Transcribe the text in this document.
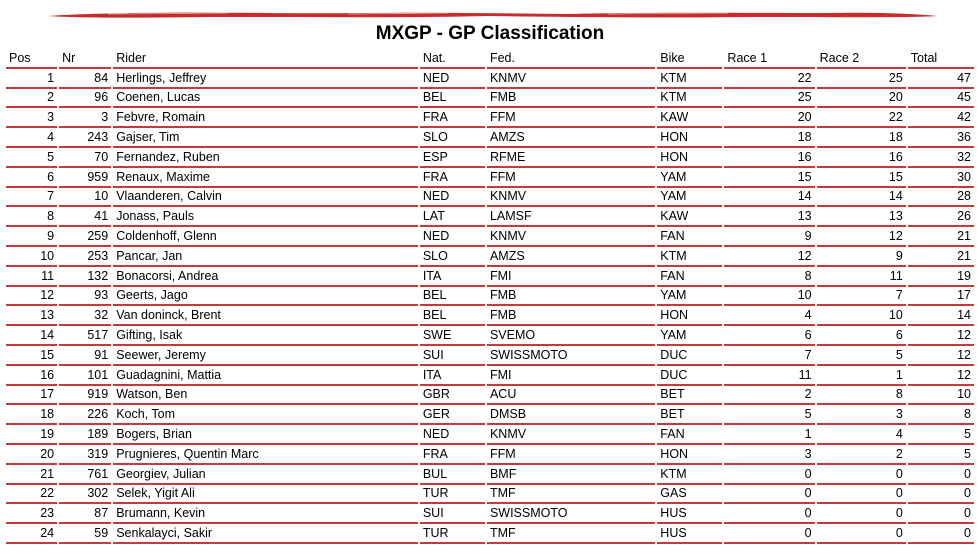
MXGP - GP Classification
Pos	Nr	Rider	Nat.	Fed.	Bike	Race 1	Race 2	Total
1	84	Herlings, Jeffrey	NED	KNMV	KTM	22	25	47
2	96	Coenen, Lucas	BEL	FMB	KTM	25	20	45
3	3	Febvre, Romain	FRA	FFM	KAW	20	22	42
4	243	Gajser, Tim	SLO	AMZS	HON	18	18	36
5	70	Fernandez, Ruben	ESP	RFME	HON	16	16	32
6	959	Renaux, Maxime	FRA	FFM	YAM	15	15	30
7	10	Vlaanderen, Calvin	NED	KNMV	YAM	14	14	28
8	41	Jonass, Pauls	LAT	LAMSF	KAW	13	13	26
9	259	Coldenhoff, Glenn	NED	KNMV	FAN	9	12	21
10	253	Pancar, Jan	SLO	AMZS	KTM	12	9	21
11	132	Bonacorsi, Andrea	ITA	FMI	FAN	8	11	19
12	93	Geerts, Jago	BEL	FMB	YAM	10	7	17
13	32	Van doninck, Brent	BEL	FMB	HON	4	10	14
14	517	Gifting, Isak	SWE	SVEMO	YAM	6	6	12
15	91	Seewer, Jeremy	SUI	SWISSMOTO	DUC	7	5	12
16	101	Guadagnini, Mattia	ITA	FMI	DUC	11	1	12
17	919	Watson, Ben	GBR	ACU	BET	2	8	10
18	226	Koch, Tom	GER	DMSB	BET	5	3	8
19	189	Bogers, Brian	NED	KNMV	FAN	1	4	5
20	319	Prugnieres, Quentin Marc	FRA	FFM	HON	3	2	5
21	761	Georgiev, Julian	BUL	BMF	KTM	0	0	0
22	302	Selek, Yigit Ali	TUR	TMF	GAS	0	0	0
23	87	Brumann, Kevin	SUI	SWISSMOTO	HUS	0	0	0
24	59	Senkalayci, Sakir	TUR	TMF	HUS	0	0	0
